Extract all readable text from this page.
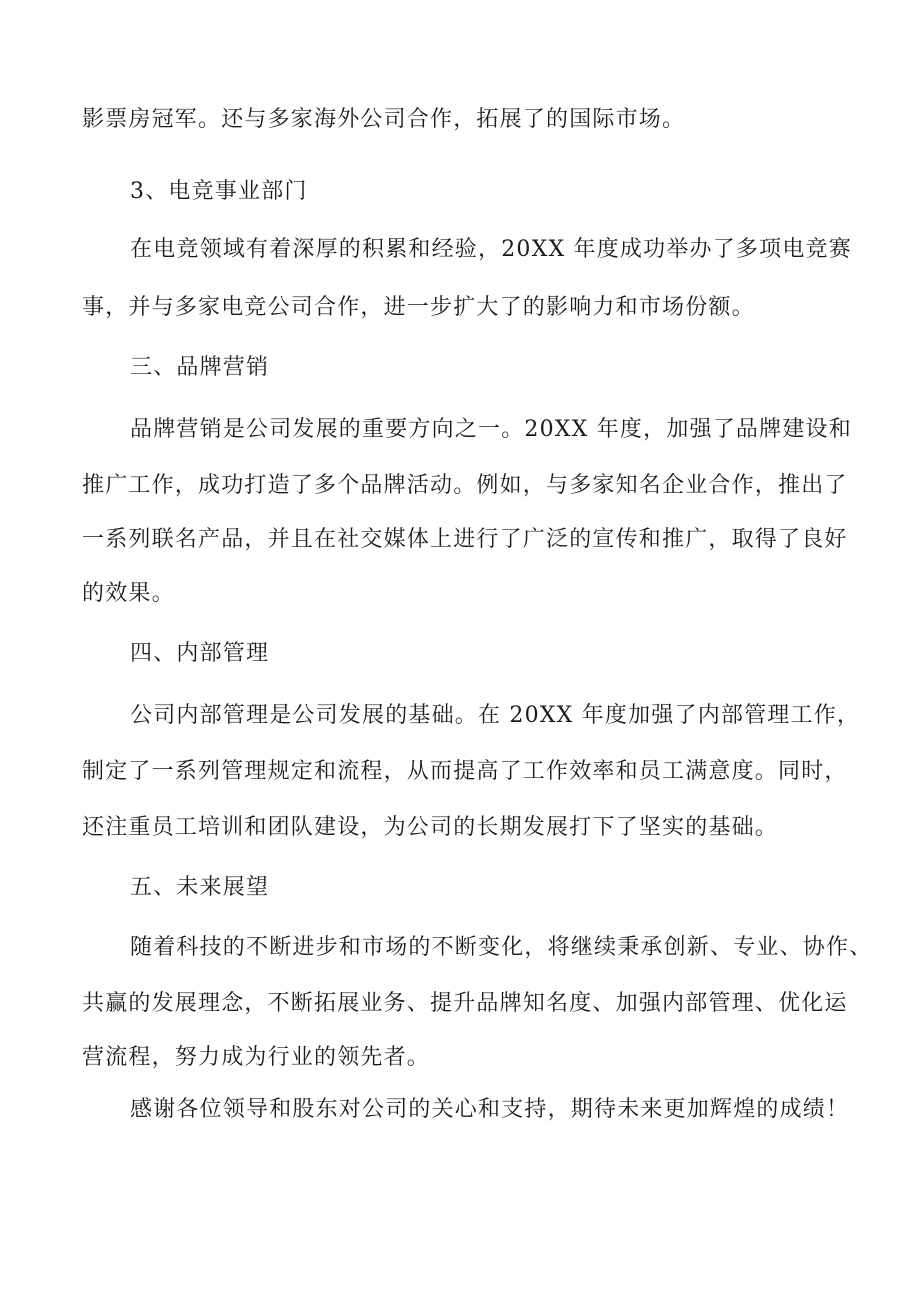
影票房冠军。还与多家海外公司合作，拓展了的国际市场。
3、电竞事业部门
在电竞领域有着深厚的积累和经验，20XX 年度成功举办了多项电竞赛
事，并与多家电竞公司合作，进一步扩大了的影响力和市场份额。
三、品牌营销
品牌营销是公司发展的重要方向之一。20XX 年度，加强了品牌建设和
推广工作，成功打造了多个品牌活动。例如，与多家知名企业合作，推出了
一系列联名产品，并且在社交媒体上进行了广泛的宣传和推广，取得了良好
的效果。
四、内部管理
公司内部管理是公司发展的基础。在 20XX 年度加强了内部管理工作，
制定了一系列管理规定和流程，从而提高了工作效率和员工满意度。同时，
还注重员工培训和团队建设，为公司的长期发展打下了坚实的基础。
五、未来展望
随着科技的不断进步和市场的不断变化，将继续秉承创新、专业、协作、
共赢的发展理念，不断拓展业务、提升品牌知名度、加强内部管理、优化运
营流程，努力成为行业的领先者。
感谢各位领导和股东对公司的关心和支持，期待未来更加辉煌的成绩！
